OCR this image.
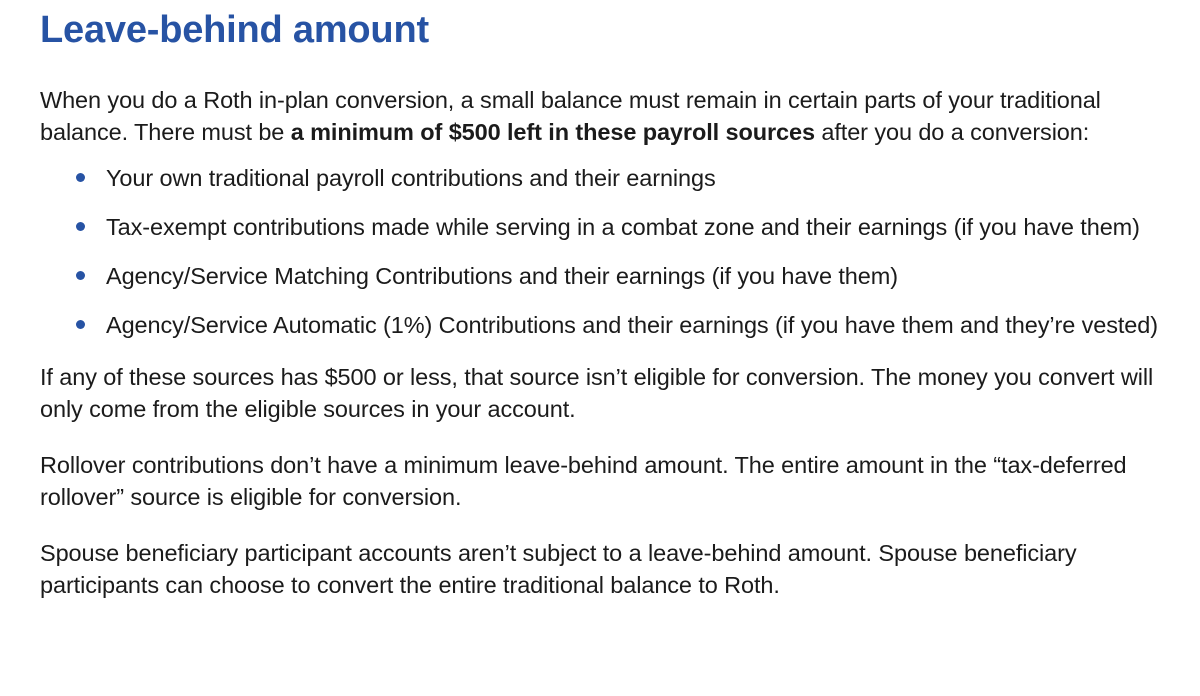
Leave-behind amount

When you do a Roth in-plan conversion, a small balance must remain in certain parts of your traditional balance. There must be a minimum of $500 left in these payroll sources after you do a conversion:

Your own traditional payroll contributions and their earnings
Tax-exempt contributions made while serving in a combat zone and their earnings (if you have them)
Agency/Service Matching Contributions and their earnings (if you have them)
Agency/Service Automatic (1%) Contributions and their earnings (if you have them and they’re vested)

If any of these sources has $500 or less, that source isn’t eligible for conversion. The money you convert will only come from the eligible sources in your account.

Rollover contributions don’t have a minimum leave-behind amount. The entire amount in the “tax-deferred rollover” source is eligible for conversion.

Spouse beneficiary participant accounts aren’t subject to a leave-behind amount. Spouse beneficiary participants can choose to convert the entire traditional balance to Roth.
